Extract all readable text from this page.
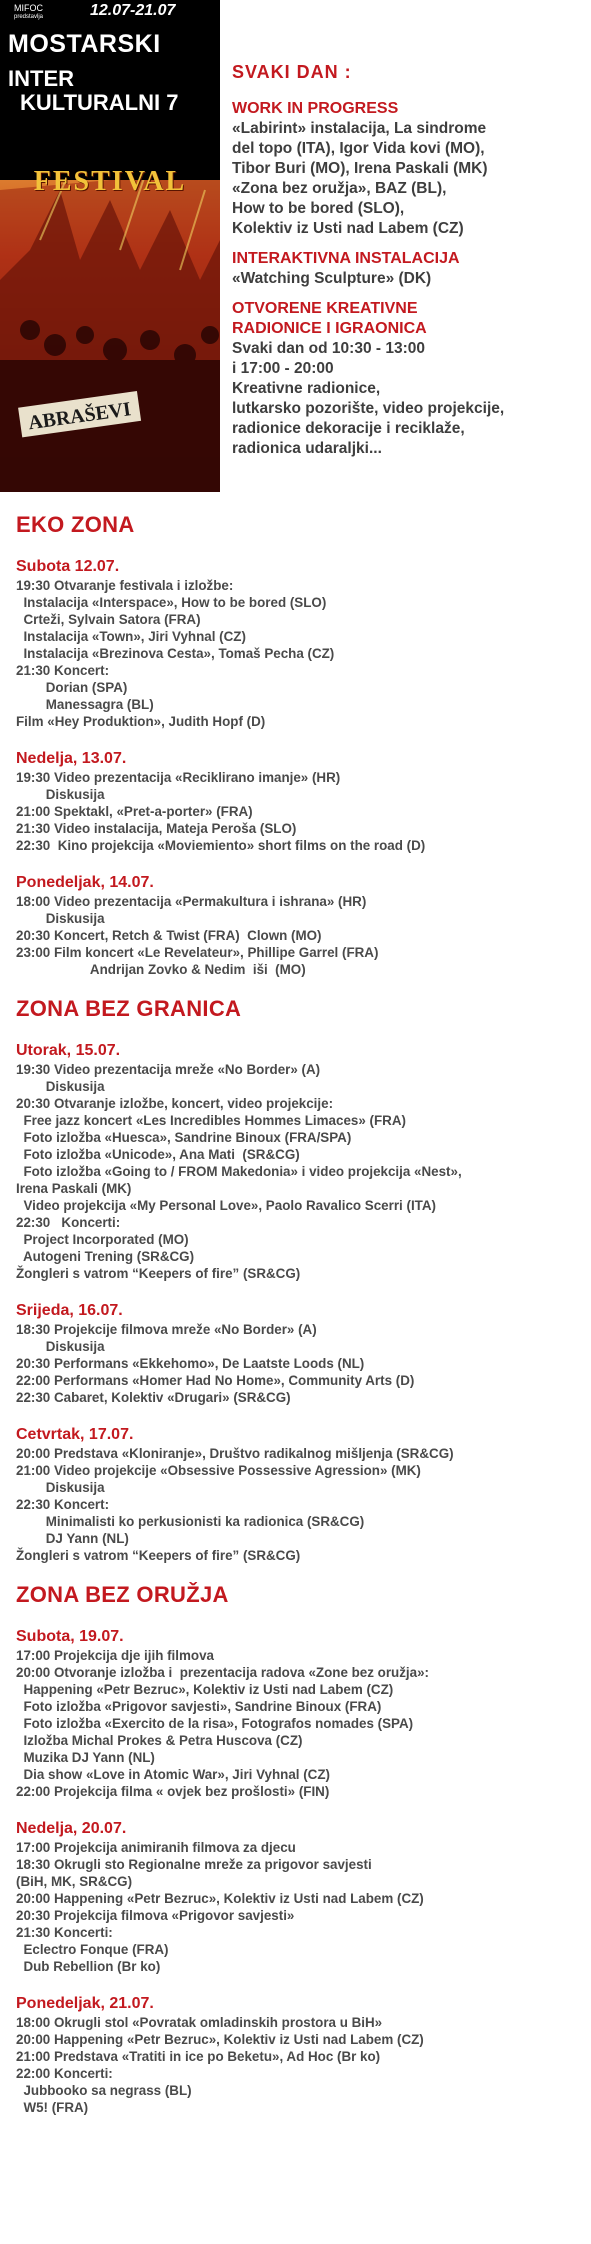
ABRAŠEVI
MIFOC
predstavlja	12.07-21.07
MOSTARSKI
INTER
KULTURALNI 7
FESTIVAL
SVAKI DAN :
WORK IN PROGRESS
«Labirint» instalacija, La sindrome
del topo (ITA), Igor Vida kovi (MO),
Tibor Buri (MO), Irena Paskali (MK)
«Zona bez oružja», BAZ (BL),
How to be bored (SLO),
Kolektiv iz Usti nad Labem (CZ)
INTERAKTIVNA INSTALACIJA
«Watching Sculpture» (DK)
OTVORENE KREATIVNE
RADIONICE I IGRAONICA
Svaki dan od 10:30 - 13:00
i 17:00 - 20:00
Kreativne radionice,
lutkarsko pozorište, video projekcije,
radionice dekoracije i reciklaže,
radionica udaraljki...
EKO ZONA
Subota 12.07.
19:30 Otvaranje festivala i izložbe:
Instalacija «Interspace», How to be bored (SLO)
Crteži, Sylvain Satora (FRA)
Instalacija «Town», Jiri Vyhnal (CZ)
Instalacija «Brezinova Cesta», Tomaš Pecha (CZ)
21:30 Koncert:
Dorian (SPA)
Manessagra (BL)
Film «Hey Produktion», Judith Hopf (D)
Nedelja, 13.07.
19:30 Video prezentacija «Reciklirano imanje» (HR)
Diskusija
21:00 Spektakl, «Pret-a-porter» (FRA)
21:30 Video instalacija, Mateja Peroša (SLO)
22:30  Kino projekcija «Moviemiento» short films on the road (D)
Ponedeljak, 14.07.
18:00 Video prezentacija «Permakultura i ishrana» (HR)
Diskusija
20:30 Koncert, Retch & Twist (FRA)  Clown (MO)
23:00 Film koncert «Le Revelateur», Phillipe Garrel (FRA)
Andrijan Zovko & Nedim  iši  (MO)
ZONA BEZ GRANICA
Utorak, 15.07.
19:30 Video prezentacija mreže «No Border» (A)
Diskusija
20:30 Otvaranje izložbe, koncert, video projekcije:
Free jazz koncert «Les Incredibles Hommes Limaces» (FRA)
Foto izložba «Huesca», Sandrine Binoux (FRA/SPA)
Foto izložba «Unicode», Ana Mati  (SR&CG)
Foto izložba «Going to / FROM Makedonia» i video projekcija «Nest»,
Irena Paskali (MK)
Video projekcija «My Personal Love», Paolo Ravalico Scerri (ITA)
22:30   Koncerti:
Project Incorporated (MO)
Autogeni Trening (SR&CG)
Žongleri s vatrom “Keepers of fire” (SR&CG)
Srijeda, 16.07.
18:30 Projekcije filmova mreže «No Border» (A)
Diskusija
20:30 Performans «Ekkehomo», De Laatste Loods (NL)
22:00 Performans «Homer Had No Home», Community Arts (D)
22:30 Cabaret, Kolektiv «Drugari» (SR&CG)
Cetvrtak, 17.07.
20:00 Predstava «Kloniranje», Društvo radikalnog mišljenja (SR&CG)
21:00 Video projekcije «Obsessive Possessive Agression» (MK)
Diskusija
22:30 Koncert:
Minimalisti ko perkusionisti ka radionica (SR&CG)
DJ Yann (NL)
Žongleri s vatrom “Keepers of fire” (SR&CG)
ZONA BEZ ORUŽJA
Subota, 19.07.
17:00 Projekcija dje ijih filmova
20:00 Otvoranje izložba i  prezentacija radova «Zone bez oružja»:
Happening «Petr Bezruc», Kolektiv iz Usti nad Labem (CZ)
Foto izložba «Prigovor savjesti», Sandrine Binoux (FRA)
Foto izložba «Exercito de la risa», Fotografos nomades (SPA)
Izložba Michal Prokes & Petra Huscova (CZ)
Muzika DJ Yann (NL)
Dia show «Love in Atomic War», Jiri Vyhnal (CZ)
22:00 Projekcija filma « ovjek bez prošlosti» (FIN)
Nedelja, 20.07.
17:00 Projekcija animiranih filmova za djecu
18:30 Okrugli sto Regionalne mreže za prigovor savjesti
(BiH, MK, SR&CG)
20:00 Happening «Petr Bezruc», Kolektiv iz Usti nad Labem (CZ)
20:30 Projekcija filmova «Prigovor savjesti»
21:30 Koncerti:
Eclectro Fonque (FRA)
Dub Rebellion (Br ko)
Ponedeljak, 21.07.
18:00 Okrugli stol «Povratak omladinskih prostora u BiH»
20:00 Happening «Petr Bezruc», Kolektiv iz Usti nad Labem (CZ)
21:00 Predstava «Tratiti in ice po Beketu», Ad Hoc (Br ko)
22:00 Koncerti:
Jubbooko sa negrass (BL)
W5! (FRA)
